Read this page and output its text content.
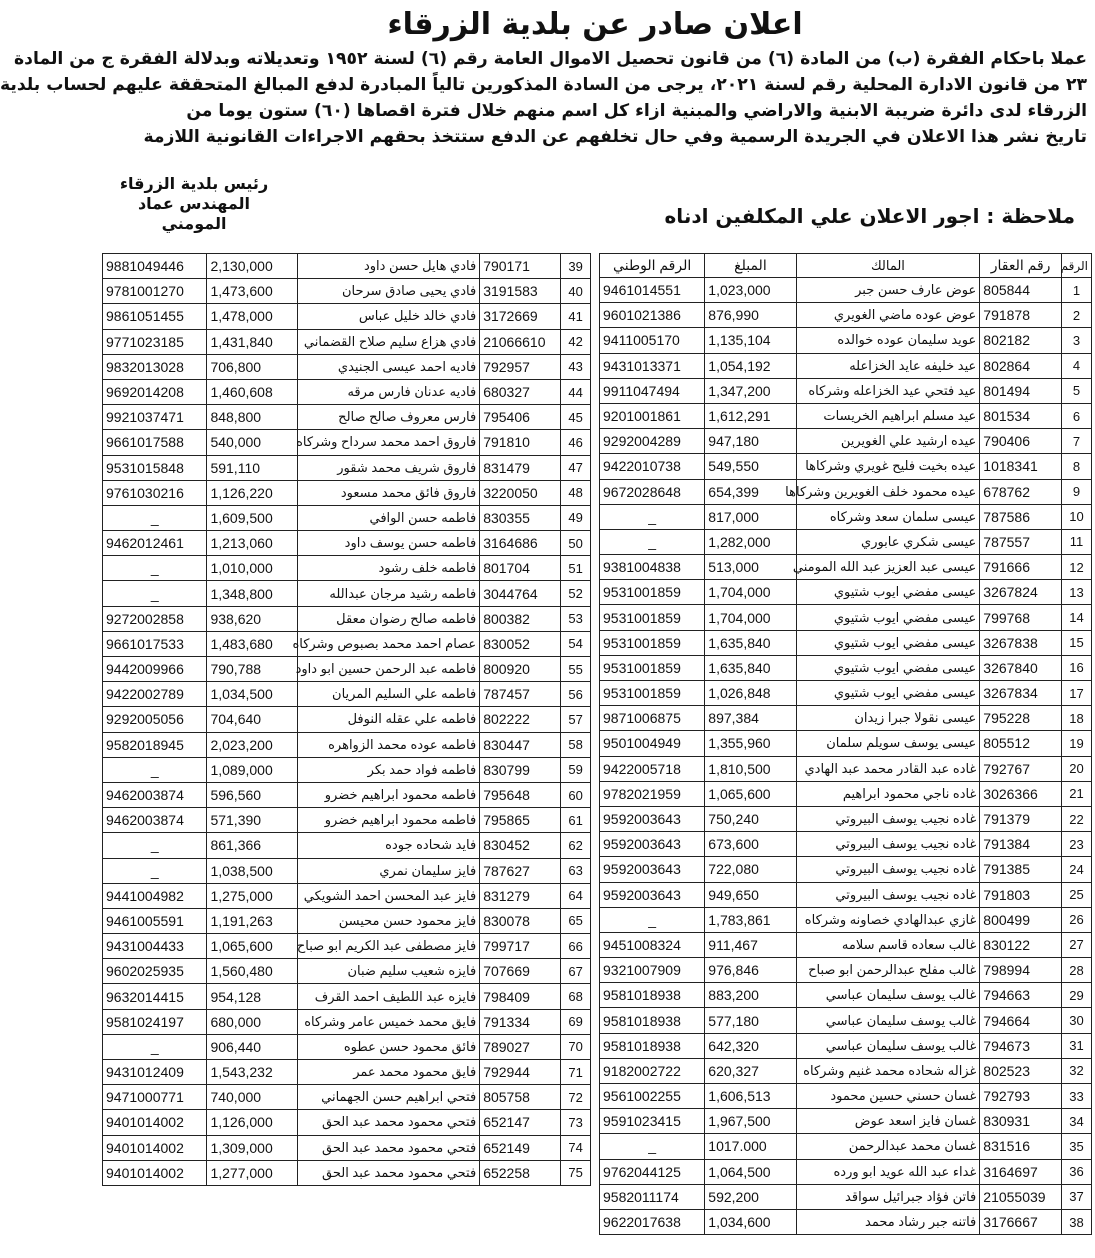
اعلان صادر عن بلدية الزرقاء
عملا باحكام الفقرة (ب) من المادة (٦) من قانون تحصيل الاموال العامة رقم (٦) لسنة ١٩٥٢ وتعديلاته وبدلالة الفقرة ج من المادة
٢٣ من قانون الادارة المحلية رقم لسنة ٢٠٢١، يرجى من السادة المذكورين تالياً المبادرة لدفع المبالغ المتحققة عليهم لحساب بلدية
الزرقاء لدى دائرة ضريبة الابنية والاراضي والمبنية ازاء كل اسم منهم خلال فترة اقصاها (٦٠) ستون يوما من
تاريخ نشر هذا الاعلان في الجريدة الرسمية وفي حال تخلفهم عن الدفع ستتخذ بحقهم الاجراءات القانونية اللازمة
رئيس بلدية الزرقاء
المهندس عماد المومني	ملاحظة : اجور الاعلان علي المكلفين ادناه
الرقم	رقم العقار	المالك	المبلغ	الرقم الوطني
1	805844	عوض عارف حسن جبر	1,023,000	9461014551
2	791878	عوض عوده ماضي الغويري	876,990	9601021386
3	802182	عويد سليمان عوده خوالده	1,135,104	9411005170
4	802864	عيد خليفه عايد الخزاعله	1,054,192	9431013371
5	801494	عيد فتحي عيد الخزاعله وشركاه	1,347,200	9911047494
6	801534	عيد مسلم ابراهيم الخريسات	1,612,291	9201001861
7	790406	عيده ارشيد علي الغويرين	947,180	9292004289
8	1018341	عيده بخيت فليح غويري وشركاها	549,550	9422010738
9	678762	عيده محمود خلف الغويرين وشركاها	654,399	9672028648
10	787586	عيسى سلمان سعد وشركاه	817,000	_
11	787557	عيسى شكري عابوري	1,282,000	_
12	791666	عيسى عبد العزيز عبد الله المومني	513,000	9381004838
13	3267824	عيسى مفضي ايوب شتيوي	1,704,000	9531001859
14	799768	عيسى مفضي ايوب شتيوي	1,704,000	9531001859
15	3267838	عيسى مفضي ايوب شتيوي	1,635,840	9531001859
16	3267840	عيسى مفضي ايوب شتيوي	1,635,840	9531001859
17	3267834	عيسى مفضي ايوب شتيوي	1,026,848	9531001859
18	795228	عيسى نقولا جبرا زيدان	897,384	9871006875
19	805512	عيسى يوسف سويلم سلمان	1,355,960	9501004949
20	792767	غاده عبد القادر محمد عبد الهادي	1,810,500	9422005718
21	3026366	غاده ناجي محمود ابراهيم	1,065,600	9782021959
22	791379	غاده نجيب يوسف البيروتي	750,240	9592003643
23	791384	غاده نجيب يوسف البيروتي	673,600	9592003643
24	791385	غاده نجيب يوسف البيروتي	722,080	9592003643
25	791803	غاده نجيب يوسف البيروتي	949,650	9592003643
26	800499	غازي عبدالهادي خصاونه وشركاه	1,783,861	_
27	830122	غالب سعاده قاسم سلامه	911,467	9451008324
28	798994	غالب مفلح عبدالرحمن ابو صباح	976,846	9321007909
29	794663	غالب يوسف سليمان عباسي	883,200	9581018938
30	794664	غالب يوسف سليمان عباسي	577,180	9581018938
31	794673	غالب يوسف سليمان عباسي	642,320	9581018938
32	802523	غزاله شحاده محمد غنيم وشركاه	620,327	9182002722
33	792793	غسان حسني حسين محمود	1,606,513	9561002255
34	830931	غسان فايز اسعد عوض	1,967,500	9591023415
35	831516	غسان محمد عبدالرحمن	1017.000	_
36	3164697	غداء عبد الله عويد ابو ورده	1,064,500	9762044125
37	21055039	فاتن فؤاد جبرائيل سواقد	592,200	9582011174
38	3176667	فاتنه جبر رشاد محمد	1,034,600	9622017638
39	790171	فادي هايل حسن داود	2,130,000	9881049446
40	3191583	فادي يحيى صادق سرحان	1,473,600	9781001270
41	3172669	فادي خالد خليل عباس	1,478,000	9861051455
42	21066610	فادي هزاع سليم صلاح القضماني	1,431,840	9771023185
43	792957	فاديه احمد عيسى الجنيدي	706,800	9832013028
44	680327	فاديه عدنان فارس مرقه	1,460,608	9692014208
45	795406	فارس معروف صالح صالح	848,800	9921037471
46	791810	فاروق احمد محمد سرداح وشركاه	540,000	9661017588
47	831479	فاروق شريف محمد شقور	591,110	9531015848
48	3220050	فاروق فائق محمد مسعود	1,126,220	9761030216
49	830355	فاطمه حسن الوافي	1,609,500	_
50	3164686	فاطمه حسن يوسف داود	1,213,060	9462012461
51	801704	فاطمه خلف رشود	1,010,000	_
52	3044764	فاطمه رشيد مرجان عبدالله	1,348,800	_
53	800382	فاطمه صالح رضوان معقل	938,620	9272002858
54	830052	عصام احمد محمد بصبوص وشركاه	1,483,680	9661017533
55	800920	فاطمه عبد الرحمن حسين ابو داود	790,788	9442009966
56	787457	فاطمه علي السليم المريان	1,034,500	9422002789
57	802222	فاطمه علي عقله النوفل	704,640	9292005056
58	830447	فاطمه عوده محمد الزواهره	2,023,200	9582018945
59	830799	فاطمه فواد حمد بكر	1,089,000	_
60	795648	فاطمه محمود ابراهيم خضرو	596,560	9462003874
61	795865	فاطمه محمود ابراهيم خضرو	571,390	9462003874
62	830452	فايد شحاده جوده	861,366	_
63	787627	فايز سليمان نمري	1,038,500	_
64	831279	فايز عبد المحسن احمد الشويكي	1,275,000	9441004982
65	830078	فايز محمود حسن محيسن	1,191,263	9461005591
66	799717	فايز مصطفى عبد الكريم ابو صباح	1,065,600	9431004433
67	707669	فايزه شعيب سليم ضبان	1,560,480	9602025935
68	798409	فايزه عبد اللطيف احمد القرف	954,128	9632014415
69	791334	فايق محمد خميس عامر وشركاه	680,000	9581024197
70	789027	فائق محمود حسن عطوه	906,440	_
71	792944	فايق محمود محمد عمر	1,543,232	9431012409
72	805758	فتحي ابراهيم حسن الجهماني	740,000	9471000771
73	652147	فتحي محمود محمد عبد الحق	1,126,000	9401014002
74	652149	فتحي محمود محمد عبد الحق	1,309,000	9401014002
75	652258	فتحي محمود محمد عبد الحق	1,277,000	9401014002
